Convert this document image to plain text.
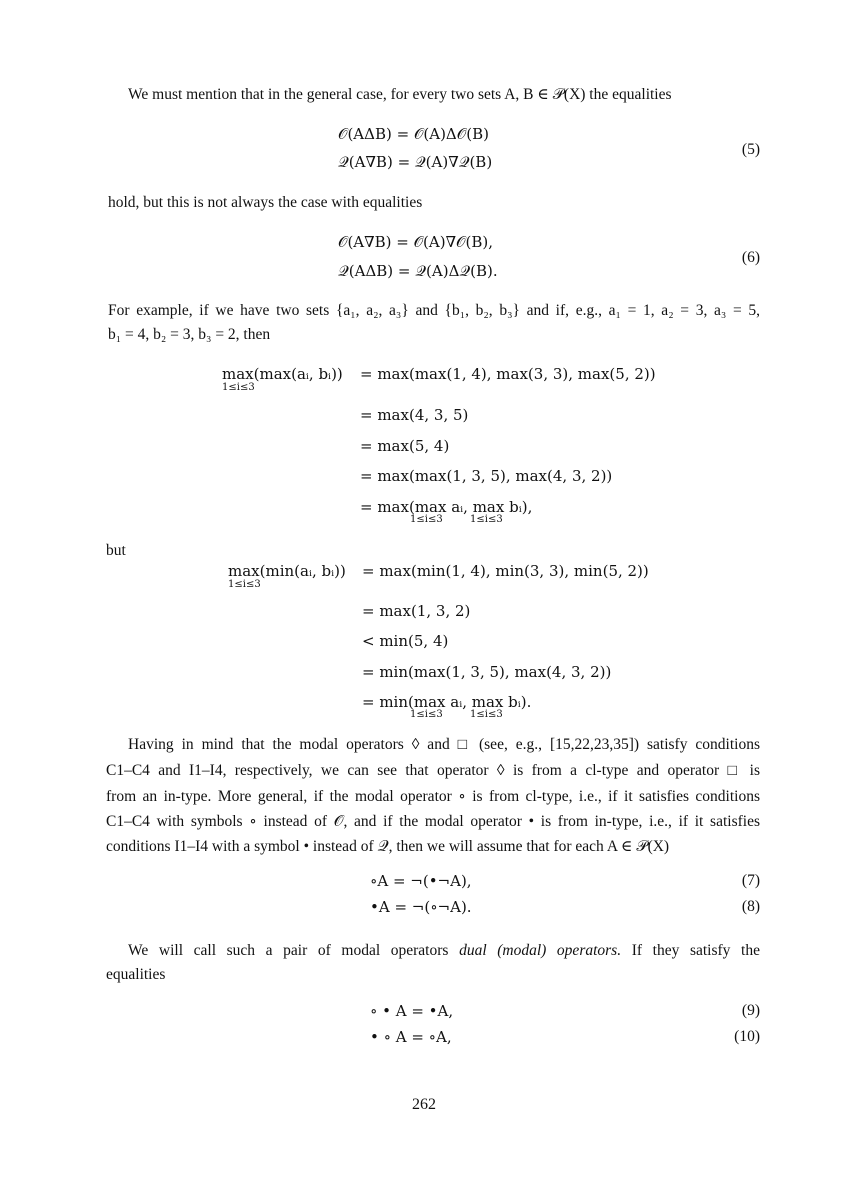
We must mention that in the general case, for every two sets A, B ∈ 𝒫(X) the equalities
𝒪(AΔB) = 𝒪(A)Δ𝒪(B)
𝒬(A∇B) = 𝒬(A)∇𝒬(B)
(5)
hold, but this is not always the case with equalities
𝒪(A∇B) = 𝒪(A)∇𝒪(B),
𝒬(AΔB) = 𝒬(A)Δ𝒬(B).
(6)
For example, if we have two sets {a₁, a₂, a₃} and {b₁, b₂, b₃} and if, e.g., a₁ = 1, a₂ = 3, a₃ = 5,
b₁ = 4, b₂ = 3, b₃ = 2, then
max(max(aᵢ, bᵢ))
1≤i≤3
= max(max(1, 4), max(3, 3), max(5, 2))
= max(4, 3, 5)
= max(5, 4)
= max(max(1, 3, 5), max(4, 3, 2))
= max(max aᵢ, max bᵢ),
1≤i≤3	1≤i≤3
but
max(min(aᵢ, bᵢ))
1≤i≤3
= max(min(1, 4), min(3, 3), min(5, 2))
= max(1, 3, 2)
< min(5, 4)
= min(max(1, 3, 5), max(4, 3, 2))
= min(max aᵢ, max bᵢ).
1≤i≤3	1≤i≤3
Having in mind that the modal operators ◊ and □ (see, e.g., [15,22,23,35]) satisfy conditions
C1–C4 and I1–I4, respectively, we can see that operator ◊ is from a cl-type and operator □ is
from an in-type. More general, if the modal operator ∘ is from cl-type, i.e., if it satisfies conditions
C1–C4 with symbols ∘ instead of 𝒪, and if the modal operator • is from in-type, i.e., if it satisfies
conditions I1–I4 with a symbol • instead of 𝒬, then we will assume that for each A ∈ 𝒫(X)
∘A = ¬(•¬A),	(7)
•A = ¬(∘¬A).	(8)
We will call such a pair of modal operators dual (modal) operators. If they satisfy the
equalities
∘ • A = •A,	(9)
• ∘ A = ∘A,	(10)
262
